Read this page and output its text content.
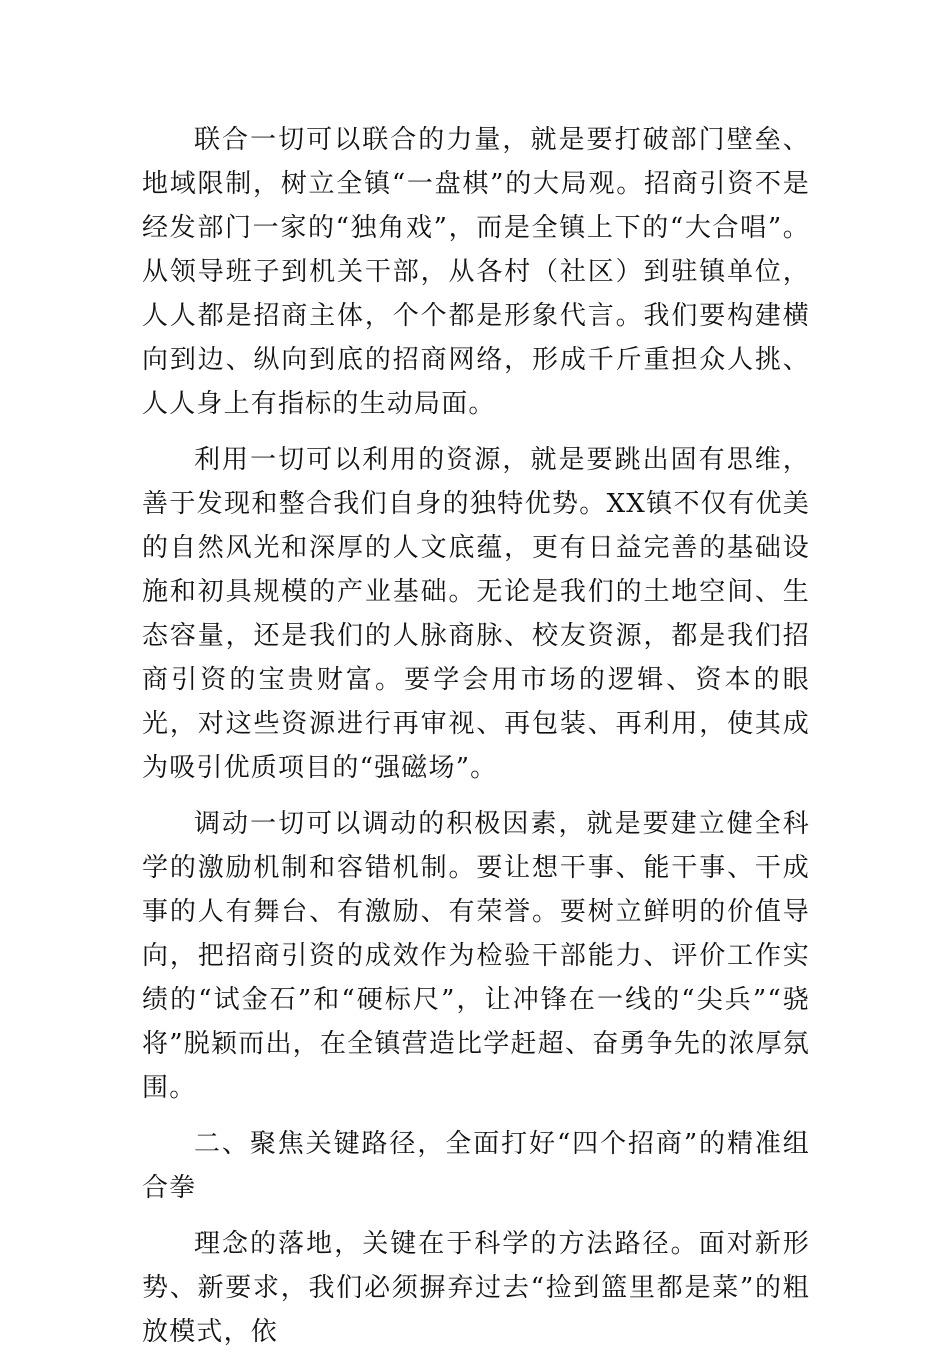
联合一切可以联合的力量，就是要打破部门壁垒、地域限制，树立全镇“一盘棋”的大局观。招商引资不是经发部门一家的“独角戏”，而是全镇上下的“大合唱”。从领导班子到机关干部，从各村（社区）到驻镇单位，人人都是招商主体，个个都是形象代言。我们要构建横向到边、纵向到底的招商网络，形成千斤重担众人挑、人人身上有指标的生动局面。

利用一切可以利用的资源，就是要跳出固有思维，善于发现和整合我们自身的独特优势。XX镇不仅有优美的自然风光和深厚的人文底蕴，更有日益完善的基础设施和初具规模的产业基础。无论是我们的土地空间、生态容量，还是我们的人脉商脉、校友资源，都是我们招商引资的宝贵财富。要学会用市场的逻辑、资本的眼光，对这些资源进行再审视、再包装、再利用，使其成为吸引优质项目的“强磁场”。

调动一切可以调动的积极因素，就是要建立健全科学的激励机制和容错机制。要让想干事、能干事、干成事的人有舞台、有激励、有荣誉。要树立鲜明的价值导向，把招商引资的成效作为检验干部能力、评价工作实绩的“试金石”和“硬标尺”，让冲锋在一线的“尖兵”“骁将”脱颖而出，在全镇营造比学赶超、奋勇争先的浓厚氛围。

二、聚焦关键路径，全面打好“四个招商”的精准组合拳

理念的落地，关键在于科学的方法路径。面对新形势、新要求，我们必须摒弃过去“捡到篮里都是菜”的粗放模式，依
